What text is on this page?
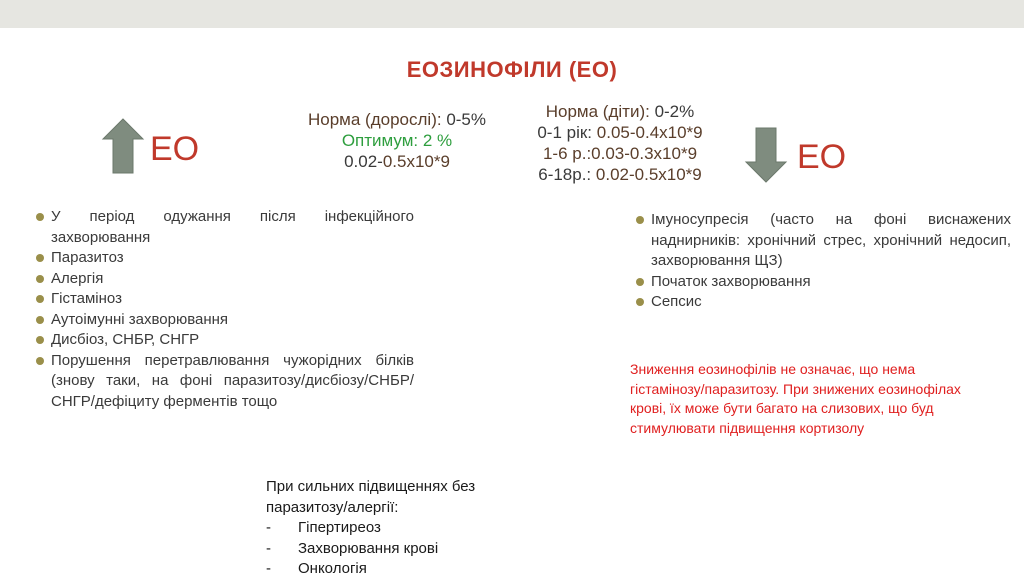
ЕОЗИНОФІЛИ (ЕО)
Норма (дорослі): 0-5%
Оптимум: 2 %
0.02-0.5x10*9
Норма (діти): 0-2%
0-1 рік: 0.05-0.4x10*9
1-6 р.:0.03-0.3x10*9
6-18р.: 0.02-0.5x10*9
ЕО	ЕО
У період одужання після інфекційного захворювання
Паразитоз
Алергія
Гістаміноз
Аутоімунні захворювання
Дисбіоз, СНБР, СНГР
Порушення перетравлювання чужорідних білків (знову таки, на фоні паразитозу/дисбіозу/СНБР/СНГР/дефіциту ферментів тощо
Імуносупресія (часто на фоні виснажених наднирників: хронічний стрес, хронічний недосип, захворювання ЩЗ)
Початок захворювання
Сепсис
Зниження еозинофілів не означає, що нема
гістамінозу/паразитозу. При знижених еозинофілах
крові, їх може бути багато на слизових, що буд
стимулювати підвищення кортизолу
При сильних підвищеннях без паразитозу/алергії:
-	Гіпертиреоз
-	Захворювання крові
-	Онкологія
